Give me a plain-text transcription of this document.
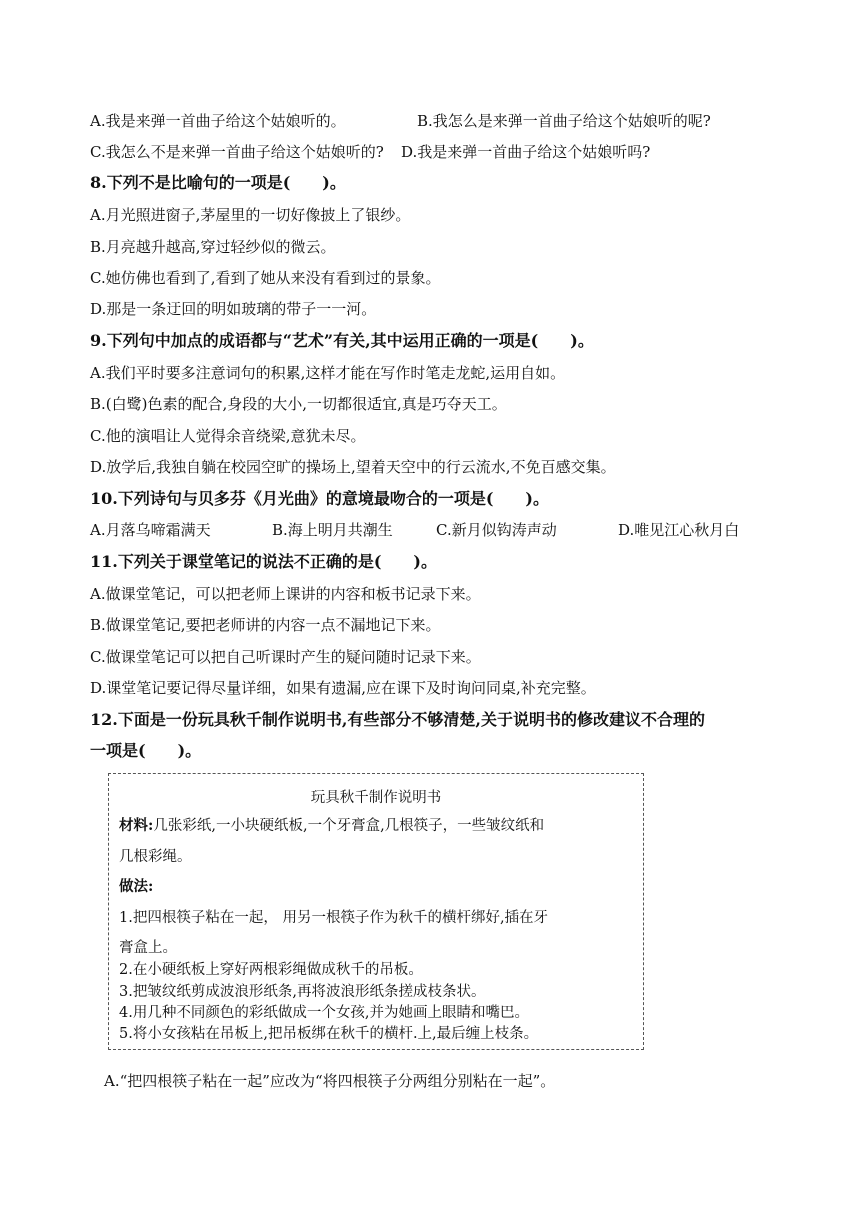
A.我是来弹一首曲子给这个姑娘听的。	B.我怎么是来弹一首曲子给这个姑娘听的呢?
C.我怎么不是来弹一首曲子给这个姑娘听的? D.我是来弹一首曲子给这个姑娘听吗?
8.下列不是比喻句的一项是(　　)。
A.月光照进窗子,茅屋里的一切好像披上了银纱。
B.月亮越升越高,穿过轻纱似的微云。
C.她仿佛也看到了,看到了她从来没有看到过的景象。
D.那是一条迂回的明如玻璃的带子一一河。
9.下列句中加点的成语都与“艺术”有关,其中运用正确的一项是(　　)。
A.我们平时要多注意词句的积累,这样才能在写作时笔走龙蛇,运用自如。
B.(白鹭)色素的配合,身段的大小,一切都很适宜,真是巧夺天工。
C.他的演唱让人觉得余音绕梁,意犹未尽。
D.放学后,我独自躺在校园空旷的操场上,望着天空中的行云流水,不免百感交集。
10.下列诗句与贝多芬《月光曲》的意境最吻合的一项是(　　)。
A.月落乌啼霜满天	B.海上明月共潮生	C.新月似钩涛声动	D.唯见江心秋月白
11.下列关于课堂笔记的说法不正确的是(　　)。
A.做课堂笔记，可以把老师上课讲的内容和板书记录下来。
B.做课堂笔记,要把老师讲的内容一点不漏地记下来。
C.做课堂笔记可以把自己听课时产生的疑问随时记录下来。
D.课堂笔记要记得尽量详细，如果有遗漏,应在课下及时询问同桌,补充完整。
12.下面是一份玩具秋千制作说明书,有些部分不够清楚,关于说明书的修改建议不合理的
一项是(　　)。
玩具秋千制作说明书
材料:几张彩纸,一小块硬纸板,一个牙膏盒,几根筷子，一些皱纹纸和
几根彩绳。
做法:
1.把四根筷子粘在一起， 用另一根筷子作为秋千的横杆绑好,插在牙
膏盒上。
2.在小硬纸板上穿好两根彩绳做成秋千的吊板。
3.把皱纹纸剪成波浪形纸条,再将波浪形纸条搓成枝条状。
4.用几种不同颜色的彩纸做成一个女孩,并为她画上眼睛和嘴巴。
5.将小女孩粘在吊板上,把吊板绑在秋千的横杆.上,最后缠上枝条。
A.“把四根筷子粘在一起”应改为“将四根筷子分两组分别粘在一起”。
